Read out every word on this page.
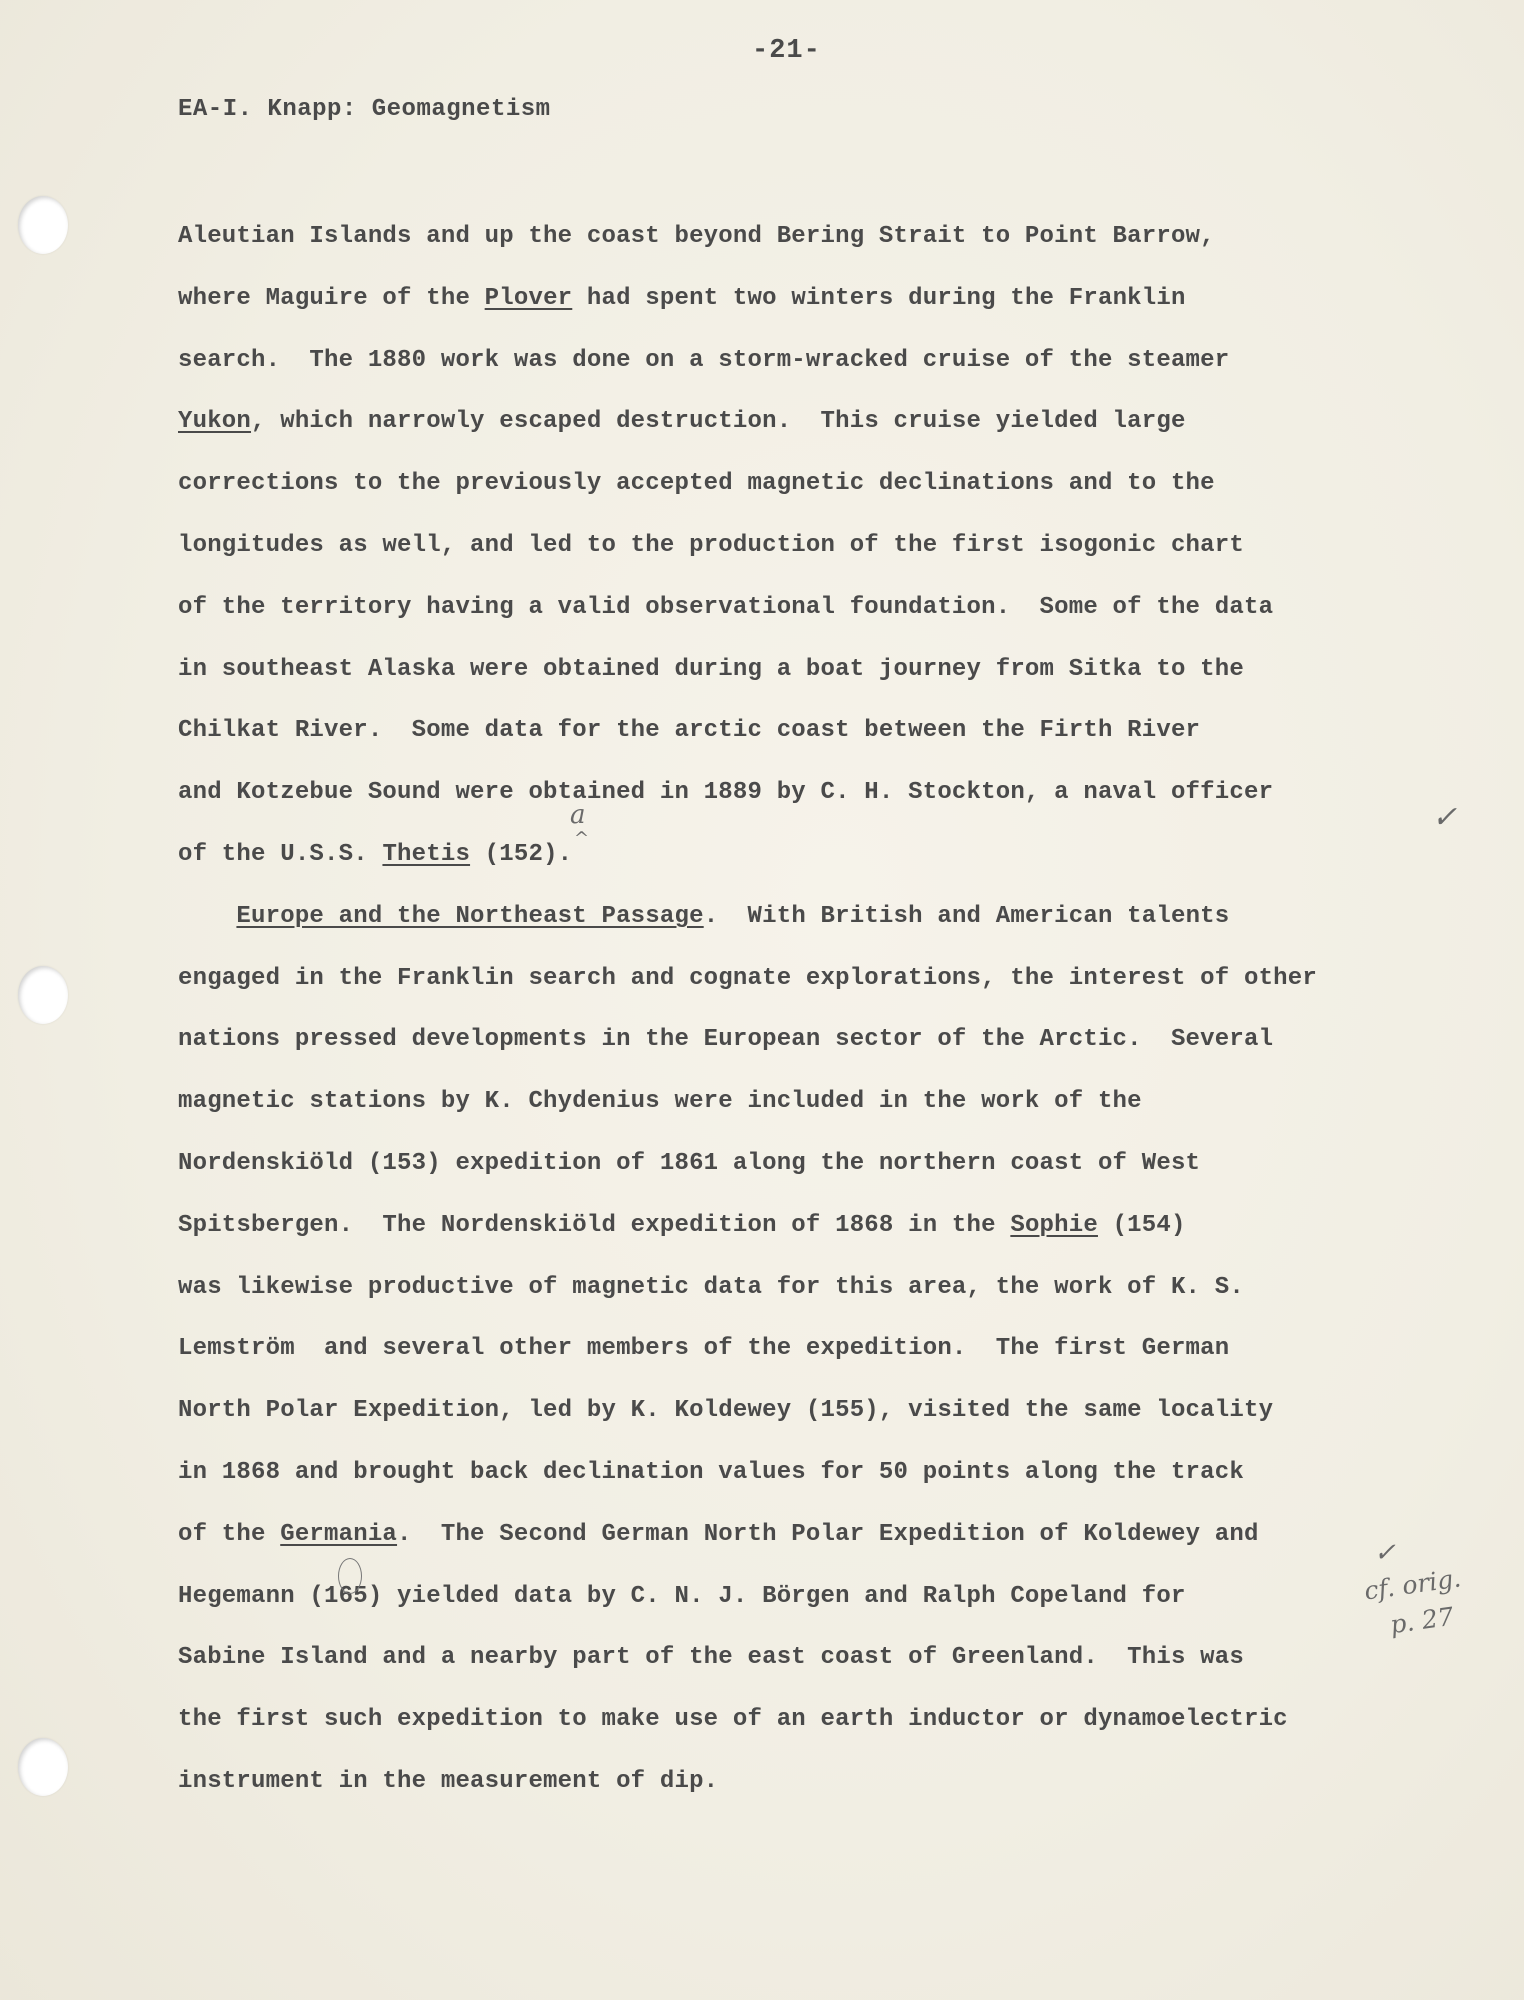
-21-
EA-I. Knapp: Geomagnetism
Aleutian Islands and up the coast beyond Bering Strait to Point Barrow,
where Maguire of the Plover had spent two winters during the Franklin
search.  The 1880 work was done on a storm-wracked cruise of the steamer
Yukon, which narrowly escaped destruction.  This cruise yielded large
corrections to the previously accepted magnetic declinations and to the
longitudes as well, and led to the production of the first isogonic chart
of the territory having a valid observational foundation.  Some of the data
in southeast Alaska were obtained during a boat journey from Sitka to the
Chilkat River.  Some data for the arctic coast between the Firth River
and Kotzebue Sound were obtained in 1889 by C. H. Stockton, a naval officer
of the U.S.S. Thetis (152).
Europe and the Northeast Passage.  With British and American talents
engaged in the Franklin search and cognate explorations, the interest of other
nations pressed developments in the European sector of the Arctic.  Several
magnetic stations by K. Chydenius were included in the work of the
Nordenskiöld (153) expedition of 1861 along the northern coast of West
Spitsbergen.  The Nordenskiöld expedition of 1868 in the Sophie (154)
was likewise productive of magnetic data for this area, the work of K. S.
Lemström  and several other members of the expedition.  The first German
North Polar Expedition, led by K. Koldewey (155), visited the same locality
in 1868 and brought back declination values for 50 points along the track
of the Germania.  The Second German North Polar Expedition of Koldewey and
Hegemann (165) yielded data by C. N. J. Börgen and Ralph Copeland for
Sabine Island and a nearby part of the east coast of Greenland.  This was
the first such expedition to make use of an earth inductor or dynamoelectric
instrument in the measurement of dip.
a
^
✓
✓
cf. orig.
p. 27
